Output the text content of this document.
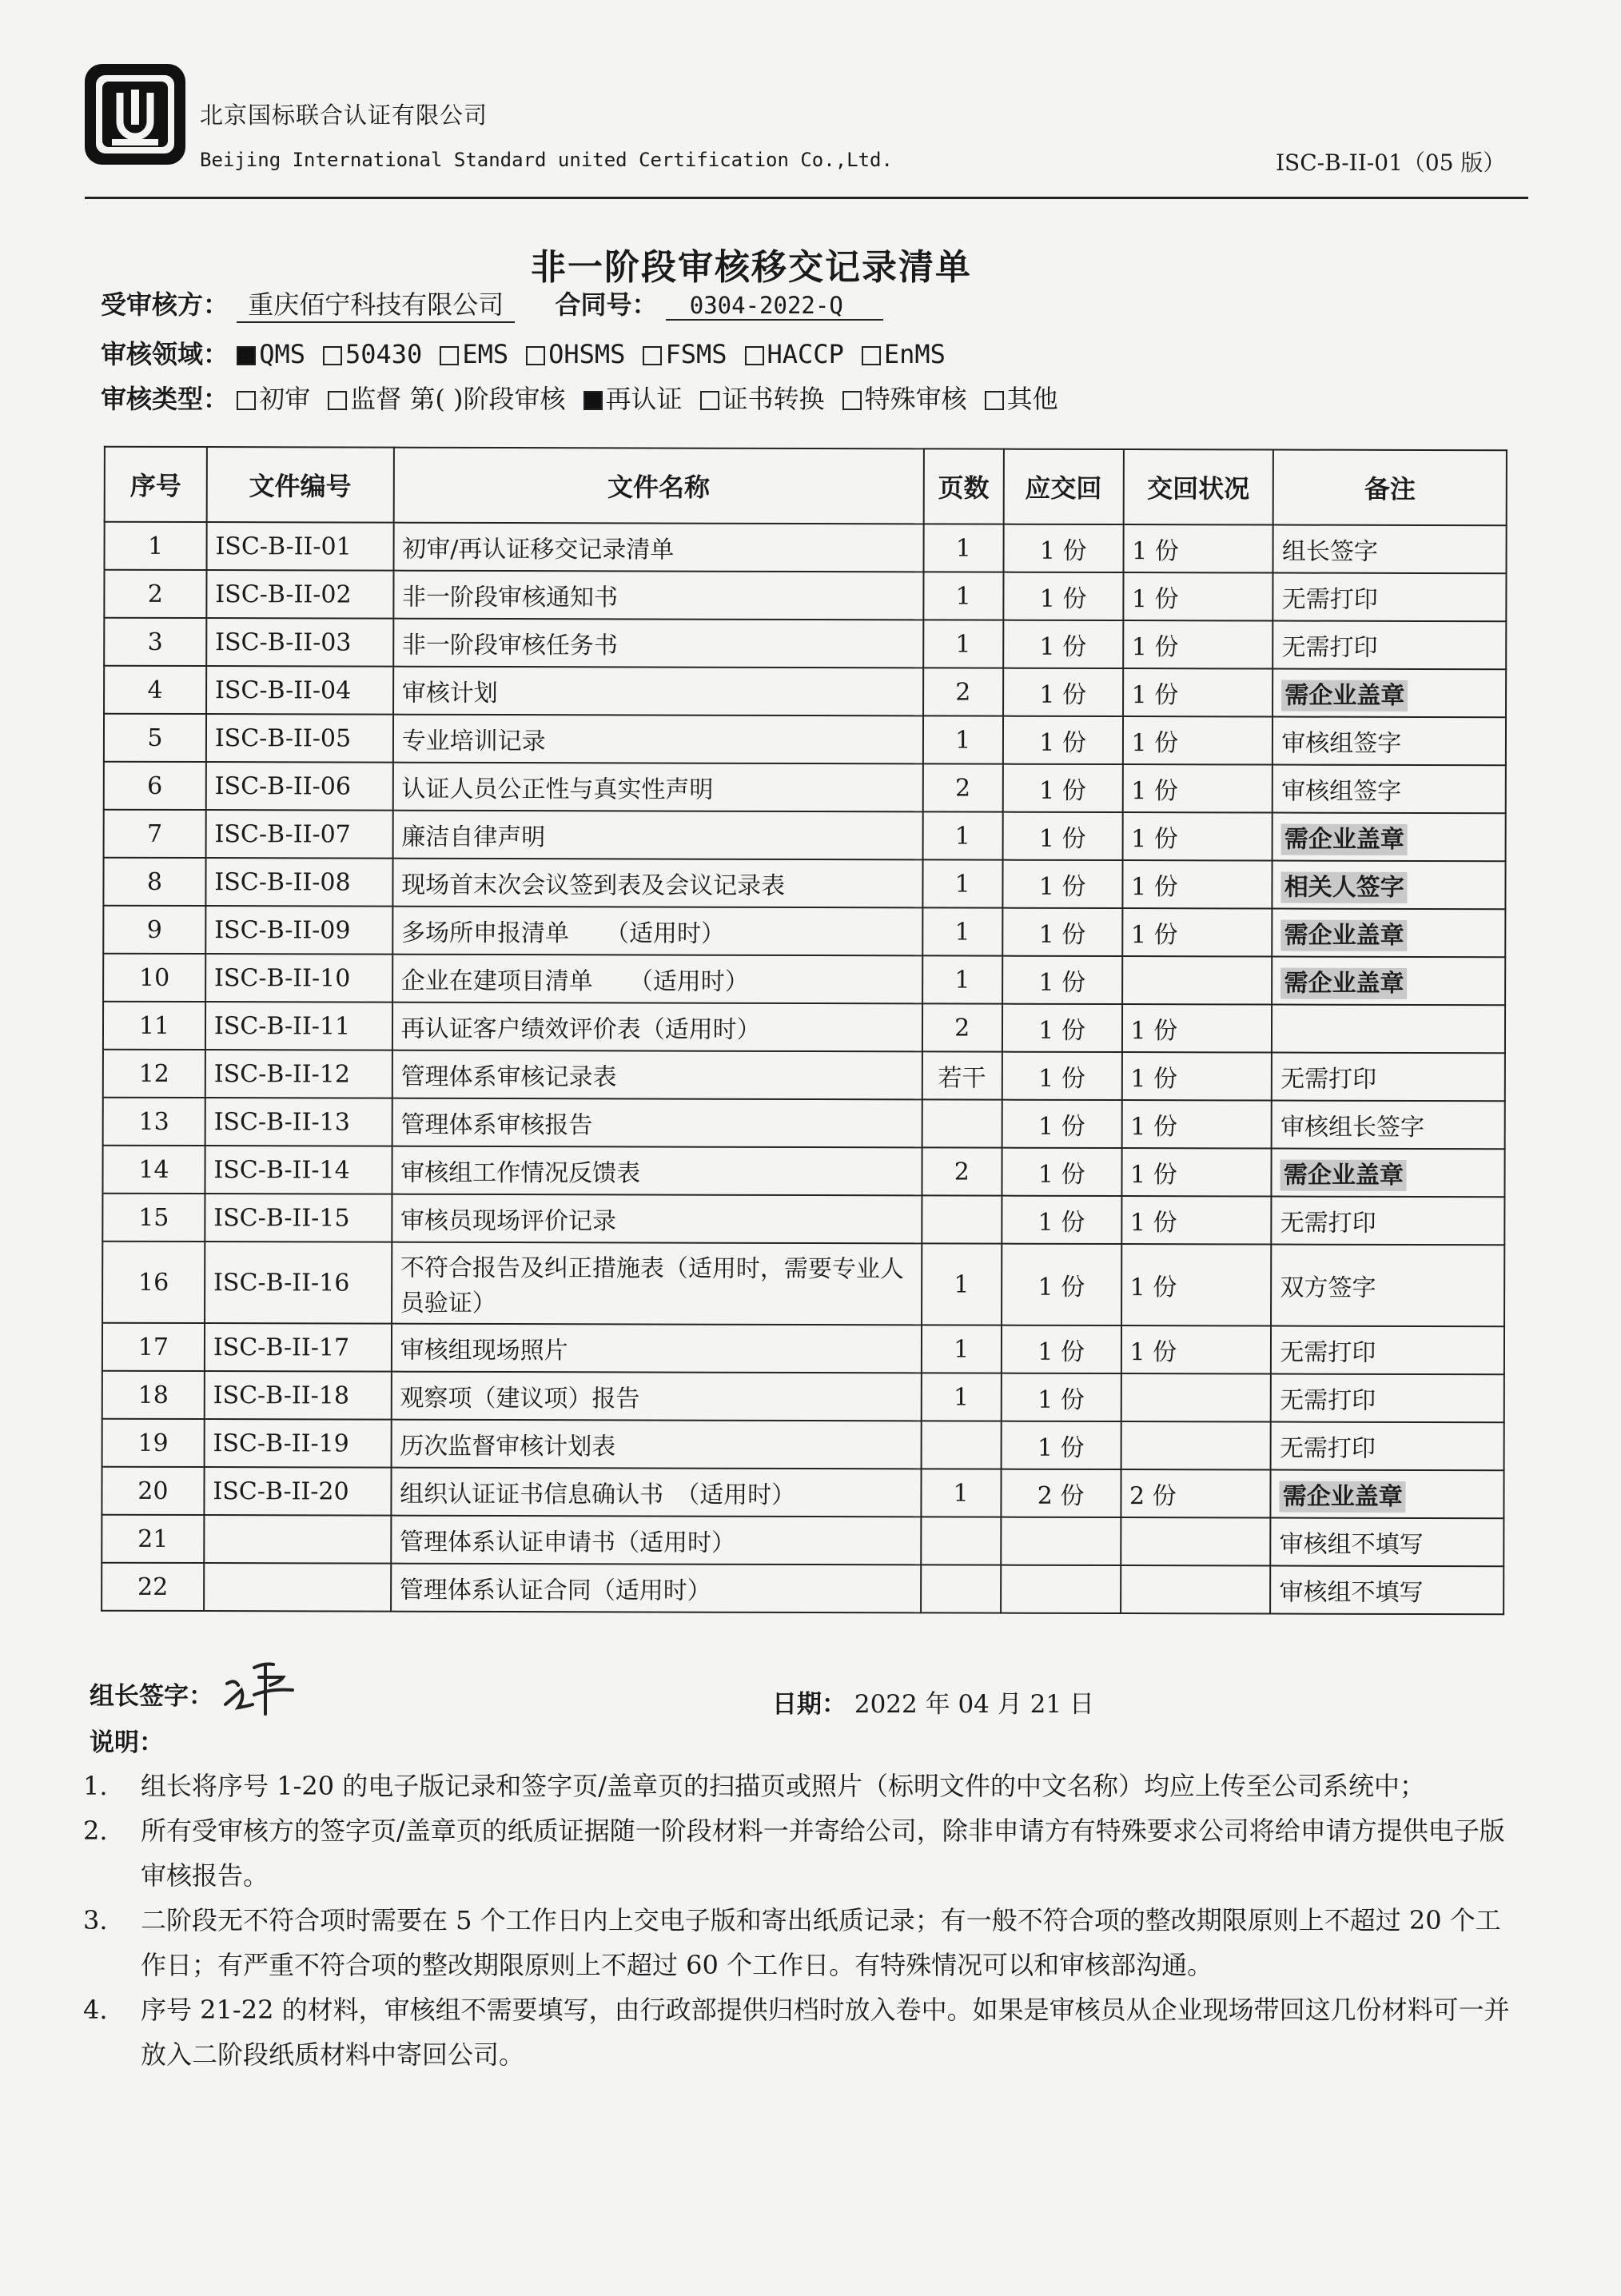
北京国标联合认证有限公司
Beijing International Standard united Certification Co.,Ltd.	ISC-B-II-01（05 版）
非一阶段审核移交记录清单
受审核方： 重庆佰宁科技有限公司 合同号： 0304-2022-Q
审核领域： QMS 50430 EMS OHSMS FSMS HACCP EnMS
审核类型： 初审 监督 第( )阶段审核 再认证 证书转换 特殊审核 其他
序号	文件编号	文件名称	页数	应交回	交回状况	备注
1	ISC-B-II-01	初审/再认证移交记录清单	1	1 份	1 份	组长签字
2	ISC-B-II-02	非一阶段审核通知书	1	1 份	1 份	无需打印
3	ISC-B-II-03	非一阶段审核任务书	1	1 份	1 份	无需打印
4	ISC-B-II-04	审核计划	2	1 份	1 份	需企业盖章
5	ISC-B-II-05	专业培训记录	1	1 份	1 份	审核组签字
6	ISC-B-II-06	认证人员公正性与真实性声明	2	1 份	1 份	审核组签字
7	ISC-B-II-07	廉洁自律声明	1	1 份	1 份	需企业盖章
8	ISC-B-II-08	现场首末次会议签到表及会议记录表	1	1 份	1 份	相关人签字
9	ISC-B-II-09	多场所申报清单　　（适用时）	1	1 份	1 份	需企业盖章
10	ISC-B-II-10	企业在建项目清单　　（适用时）	1	1 份		需企业盖章
11	ISC-B-II-11	再认证客户绩效评价表（适用时）	2	1 份	1 份	
12	ISC-B-II-12	管理体系审核记录表	若干	1 份	1 份	无需打印
13	ISC-B-II-13	管理体系审核报告		1 份	1 份	审核组长签字
14	ISC-B-II-14	审核组工作情况反馈表	2	1 份	1 份	需企业盖章
15	ISC-B-II-15	审核员现场评价记录		1 份	1 份	无需打印
16	ISC-B-II-16	不符合报告及纠正措施表（适用时，需要专业人员验证）	1	1 份	1 份	双方签字
17	ISC-B-II-17	审核组现场照片	1	1 份	1 份	无需打印
18	ISC-B-II-18	观察项（建议项）报告	1	1 份		无需打印
19	ISC-B-II-19	历次监督审核计划表		1 份		无需打印
20	ISC-B-II-20	组织认证证书信息确认书　（适用时）	1	2 份	2 份	需企业盖章
21		管理体系认证申请书（适用时）				审核组不填写
22		管理体系认证合同（适用时）				审核组不填写
组长签字：	日期： 2022 年 04 月 21 日
说明：
1.	组长将序号 1-20 的电子版记录和签字页/盖章页的扫描页或照片（标明文件的中文名称）均应上传至公司系统中；
2.	所有受审核方的签字页/盖章页的纸质证据随一阶段材料一并寄给公司，除非申请方有特殊要求公司将给申请方提供电子版审核报告。
3.	二阶段无不符合项时需要在 5 个工作日内上交电子版和寄出纸质记录；有一般不符合项的整改期限原则上不超过 20 个工作日；有严重不符合项的整改期限原则上不超过 60 个工作日。有特殊情况可以和审核部沟通。
4.	序号 21-22 的材料，审核组不需要填写，由行政部提供归档时放入卷中。如果是审核员从企业现场带回这几份材料可一并放入二阶段纸质材料中寄回公司。
